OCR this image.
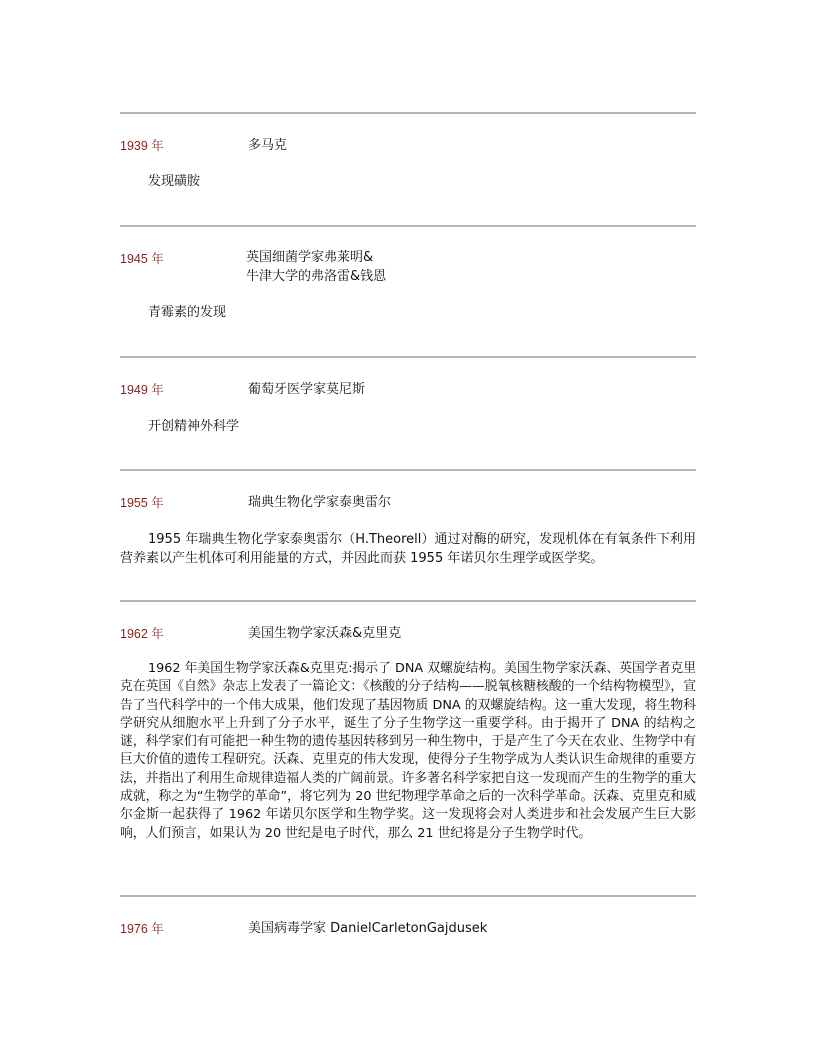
1939 年	多马克
发现磺胺
1945 年	英国细菌学家弗莱明&
牛津大学的弗洛雷&钱恩
青霉素的发现
1949 年	葡萄牙医学家莫尼斯
开创精神外科学
1955 年	瑞典生物化学家泰奥雷尔
1955 年瑞典生物化学家泰奥雷尔（H.Theorell）通过对酶的研究，发现机体在有氧条件下利用营养素以产生机体可利用能量的方式，并因此而获 1955 年诺贝尔生理学或医学奖。
1962 年	美国生物学家沃森&克里克
1962 年美国生物学家沃森&克里克:揭示了 DNA 双螺旋结构。美国生物学家沃森、英国学者克里克在英国《自然》杂志上发表了一篇论文：《核酸的分子结构——脱氧核糖核酸的一个结构物模型》，宣告了当代科学中的一个伟大成果，他们发现了基因物质 DNA 的双螺旋结构。这一重大发现，将生物科学研究从细胞水平上升到了分子水平，诞生了分子生物学这一重要学科。由于揭开了 DNA 的结构之谜，科学家们有可能把一种生物的遗传基因转移到另一种生物中，于是产生了今天在农业、生物学中有巨大价值的遗传工程研究。沃森、克里克的伟大发现，使得分子生物学成为人类认识生命规律的重要方法，并指出了利用生命规律造福人类的广阔前景。许多著名科学家把自这一发现而产生的生物学的重大成就，称之为“生物学的革命”，将它列为 20 世纪物理学革命之后的一次科学革命。沃森、克里克和威尔金斯一起获得了 1962 年诺贝尔医学和生物学奖。这一发现将会对人类进步和社会发展产生巨大影响，人们预言，如果认为 20 世纪是电子时代，那么 21 世纪将是分子生物学时代。
1976 年	美国病毒学家 DanielCarletonGajdusek
